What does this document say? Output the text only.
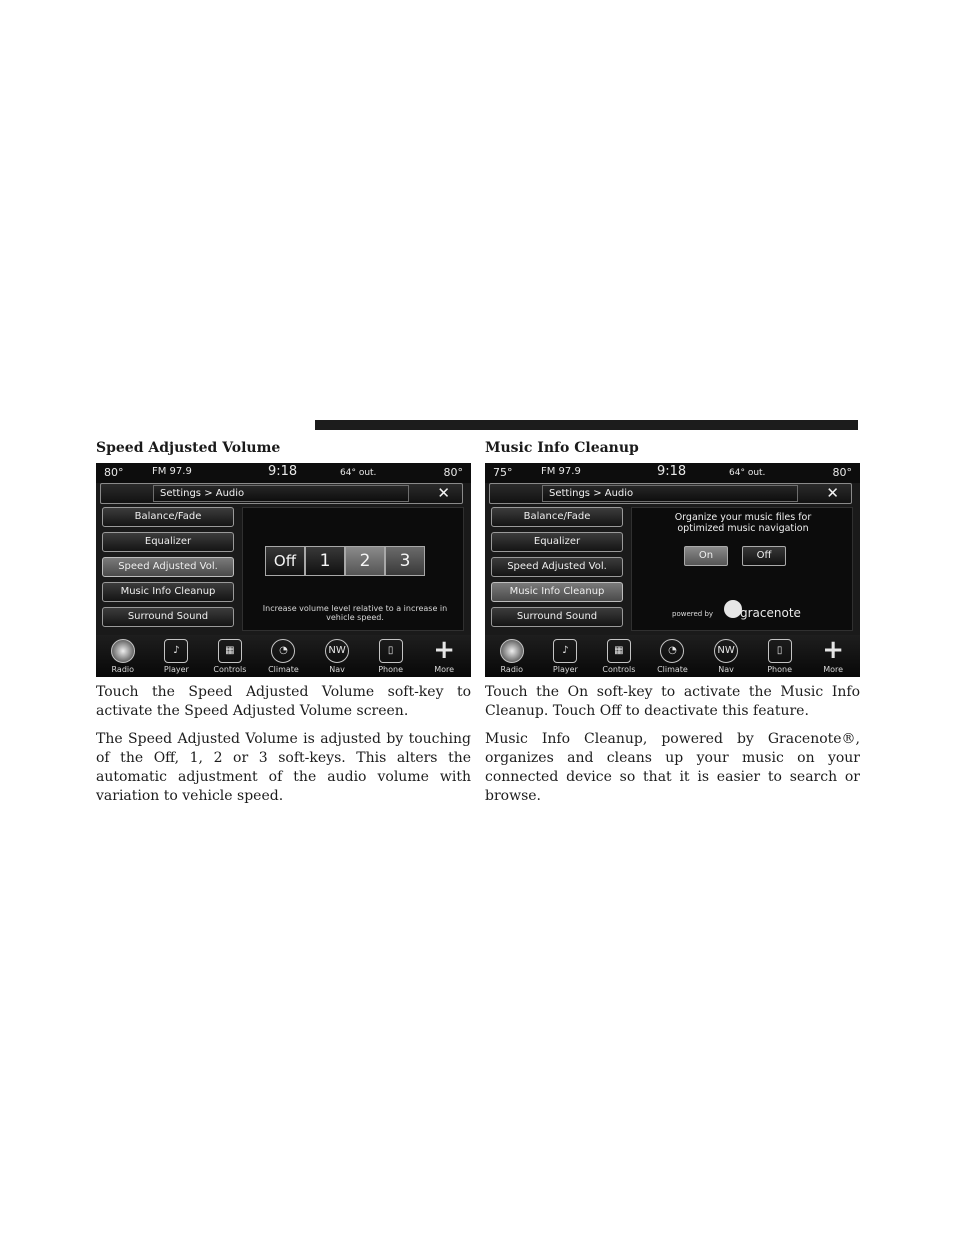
Speed Adjusted Volume
80°	FM 97.9	9:18	64° out.	80°
Settings > Audio	✕
Balance/Fade
Equalizer
Speed Adjusted Vol.
Music Info Cleanup
Surround Sound
Off	1	2	3
Increase volume level relative to a increase in vehicle speed.
Radio
♪
Player
▦
Controls
◔
Climate
NW
Nav
▯
Phone
+
More

Touch the Speed Adjusted Volume soft-key to activate the Speed Adjusted Volume screen.

The Speed Adjusted Volume is adjusted by touching of the Off, 1, 2 or 3 soft-keys. This alters the automatic adjustment of the audio volume with variation to vehicle speed.

Music Info Cleanup
75°	FM 97.9	9:18	64° out.	80°
Settings > Audio	✕
Balance/Fade
Equalizer
Speed Adjusted Vol.
Music Info Cleanup
Surround Sound
Organize your music files for
optimized music navigation
On	Off
powered by gracenote
Radio
♪
Player
▦
Controls
◔
Climate
NW
Nav
▯
Phone
+
More

Touch the On soft-key to activate the Music Info Cleanup. Touch Off to deactivate this feature.

Music Info Cleanup, powered by Gracenote®, organizes and cleans up your music on your connected device so that it is easier to search or browse.
